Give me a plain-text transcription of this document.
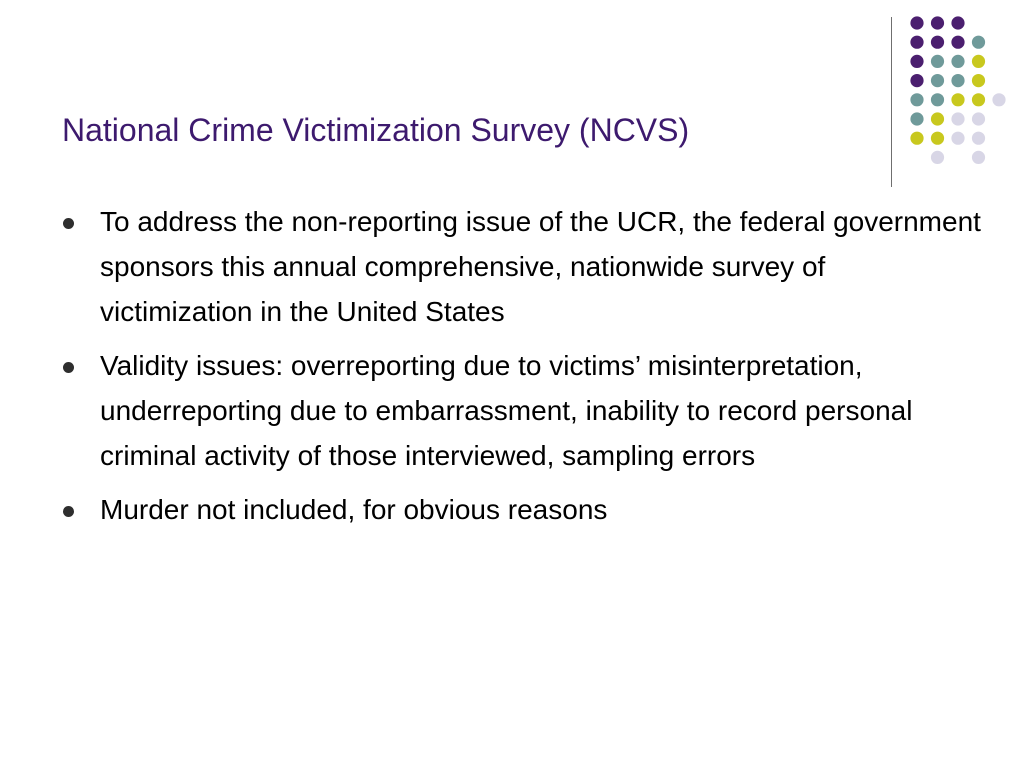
National Crime Victimization Survey (NCVS)
To address the non-reporting issue of the UCR, the federal government sponsors this annual comprehensive, nationwide survey of victimization in the United States
Validity issues: overreporting due to victims’ misinterpretation, underreporting due to embarrassment, inability to record personal criminal activity of those interviewed, sampling errors
Murder not included, for obvious reasons
